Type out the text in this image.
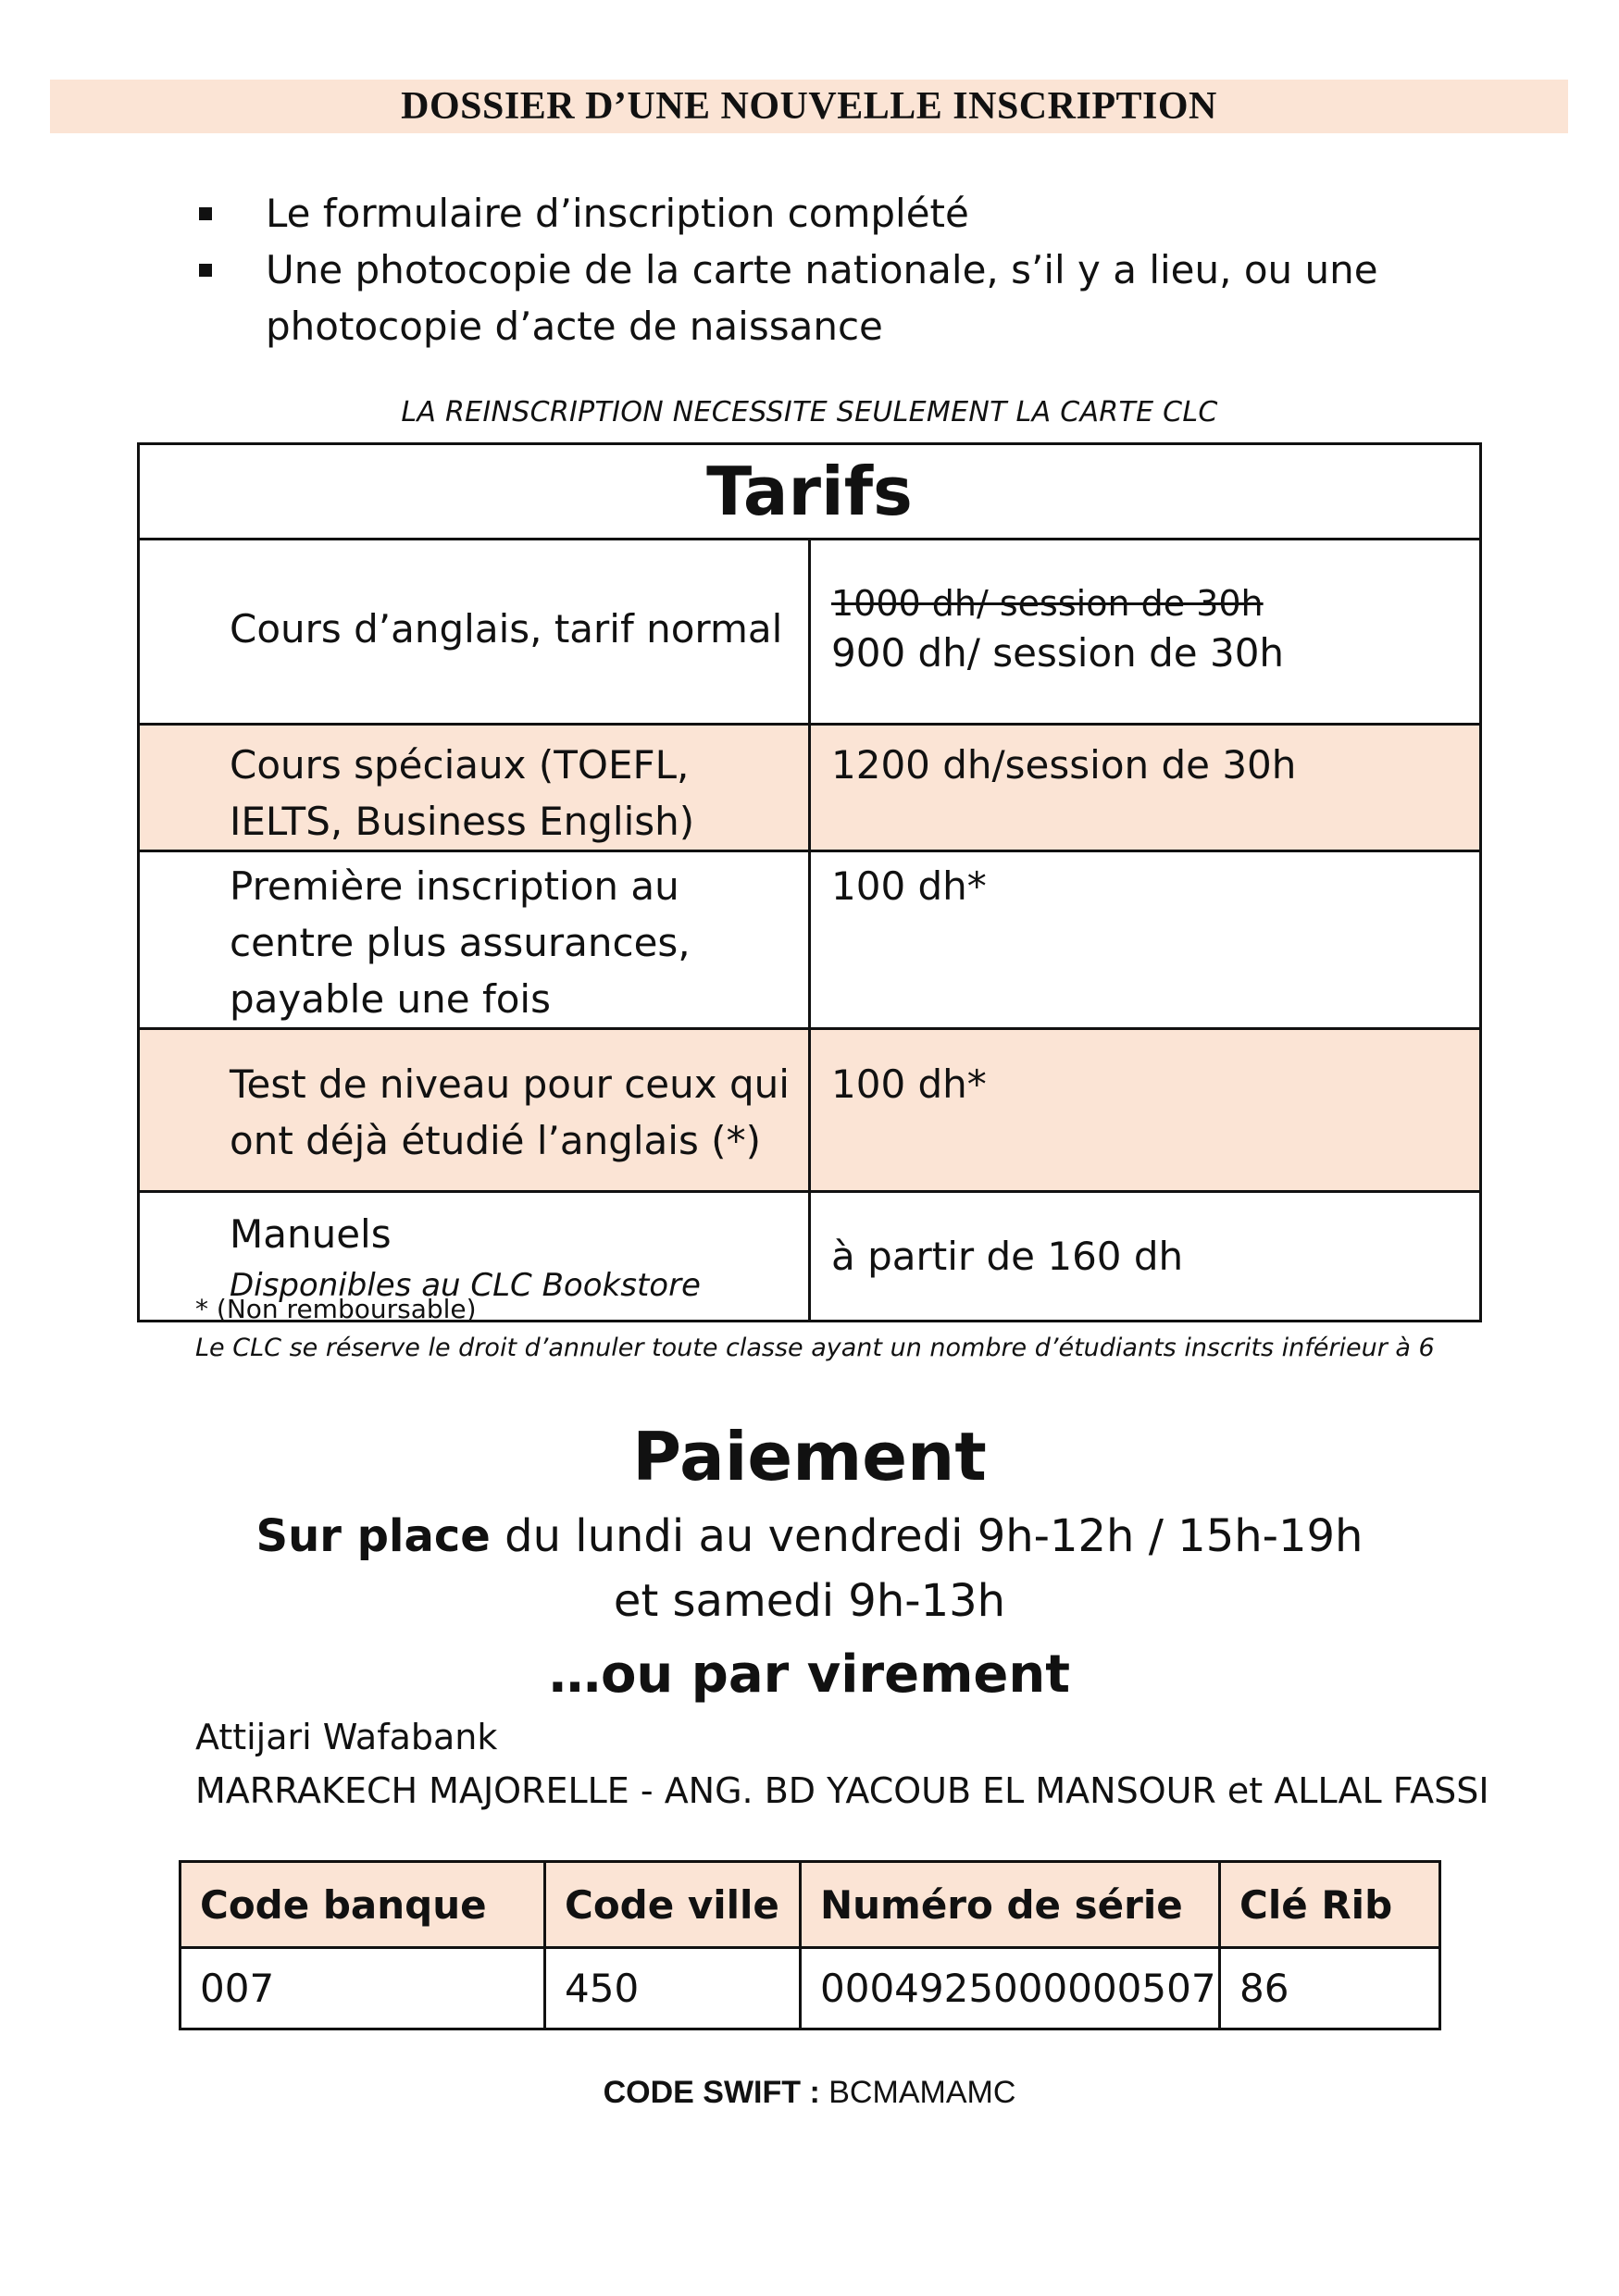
DOSSIER D’UNE NOUVELLE INSCRIPTION
Le formulaire d’inscription complété
Une photocopie de la carte nationale, s’il y a lieu, ou une photocopie d’acte de naissance
LA REINSCRIPTION NECESSITE SEULEMENT LA CARTE CLC
Tarifs	
Cours d’anglais, tarif normal	1000 dh/ session de 30h
900 dh/ session de 30h
Cours spéciaux (TOEFL, IELTS, Business English)	1200 dh/session de 30h
Première inscription au centre plus assurances, payable une fois	100 dh*
Test de niveau pour ceux qui ont déjà étudié l’anglais (*)	100 dh*

Manuels
Disponibles au CLC Bookstore	à partir de 160 dh
* (Non remboursable)
Le CLC se réserve le droit d’annuler toute classe ayant un nombre d’étudiants inscrits inférieur à 6
Paiement
Sur place du lundi au vendredi 9h-12h / 15h-19h
et samedi 9h-13h
…ou par virement
Attijari Wafabank
MARRAKECH MAJORELLE - ANG. BD YACOUB EL MANSOUR et ALLAL FASSI
Code banque	Code ville	Numéro de série	Clé Rib
007	450	0004925000000507	86
CODE SWIFT : BCMAMAMC
